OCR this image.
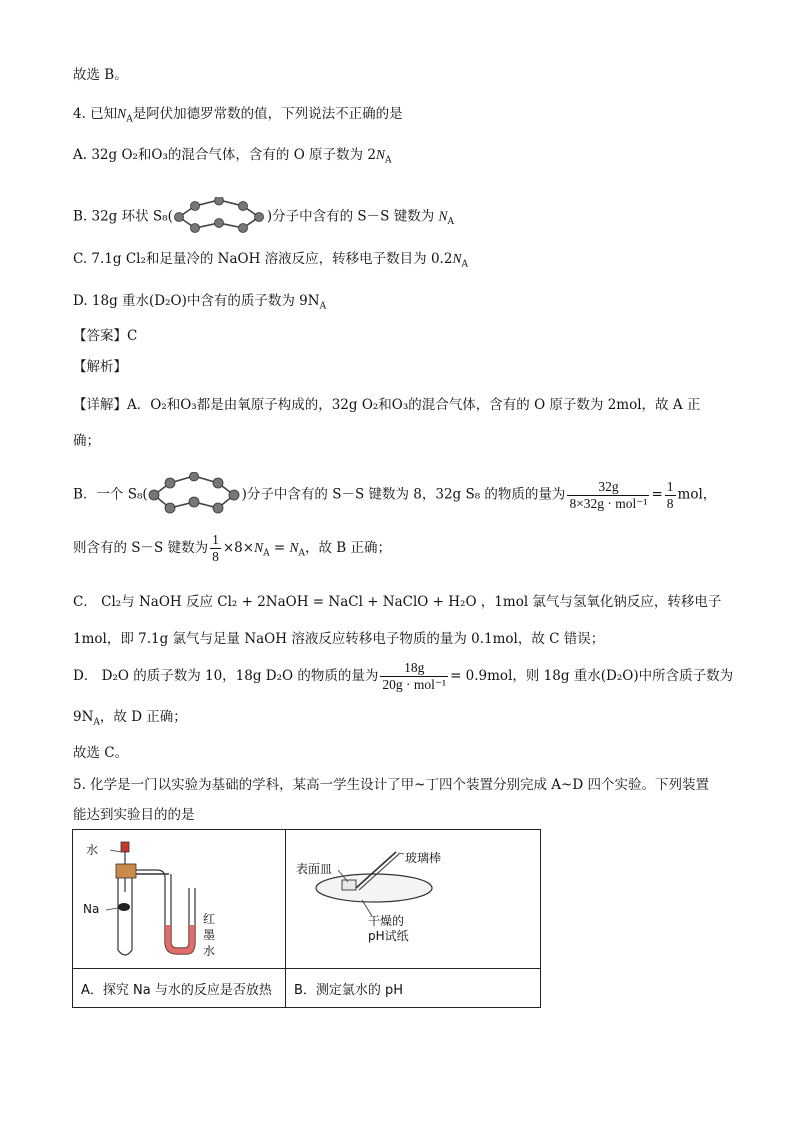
故选 B。
4. 已知$N_A$是阿伏加德罗常数的值，下列说法不正确的是
A. 32g O₂和O₃的混合气体，含有的 O 原子数为 $2N_A$
B. 32g 环状 S₈(	)分子中含有的 S－S 键数为 $N_A$
C. 7.1g Cl₂和足量冷的 NaOH 溶液反应，转移电子数目为 $0.2N_A$
D. 18g 重水(D₂O)中含有的质子数为 $9N_A$
【答案】C
【解析】
【详解】A．O₂和O₃都是由氧原子构成的，32g O₂和O₃的混合气体，含有的 O 原子数为 2mol，故 A 正
确；
B．一个 S₈(	)分子中含有的 S－S 键数为 8，32g S₈ 的物质的量为 $\frac{32g}{\text{8×32g · mol⁻¹}} = \frac{1}{8}$ mol，
则含有的 S－S 键数为 $\frac{1}{8} \times 8\times N_A = N_A$，故 B 正确；
C． Cl₂与 NaOH 反应 Cl₂ + 2NaOH = NaCl + NaClO + H₂O ，1mol 氯气与氢氧化钠反应，转移电子
1mol，即 7.1g 氯气与足量 NaOH 溶液反应转移电子物质的量为 0.1mol，故 C 错误；
D． D₂O 的质子数为 10，18g D₂O 的物质的量为 $\frac{18g}{\text{20g · mol⁻¹}} = 0.9mol$，则 18g 重水(D₂O)中所含质子数为
$9N_A$，故 D 正确；
故选 C。
5. 化学是一门以实验为基础的学科，某高一学生设计了甲~丁四个装置分别完成 A~D 四个实验。下列装置
能达到实验目的的是
水
Na
红
墨
水	表面皿
玻璃棒
干燥的
pH试纸

A．探究 Na 与水的反应是否放热	B．测定氯水的 pH
